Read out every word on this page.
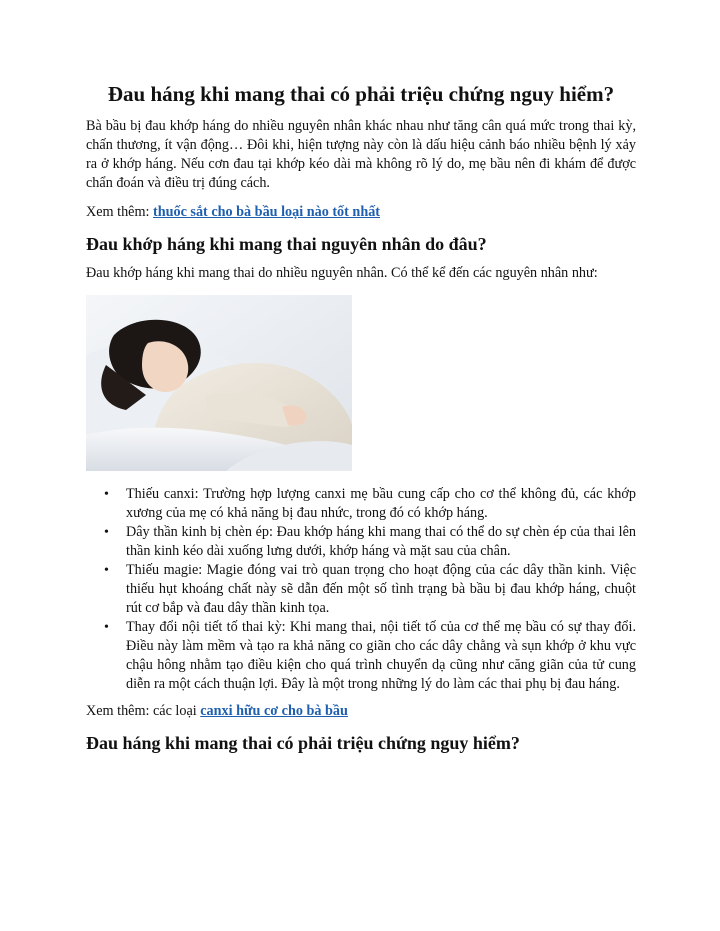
Đau háng khi mang thai có phải triệu chứng nguy hiểm?

Bà bầu bị đau khớp háng do nhiều nguyên nhân khác nhau như tăng cân quá mức trong thai kỳ, chấn thương, ít vận động… Đôi khi, hiện tượng này còn là dấu hiệu cảnh báo nhiều bệnh lý xảy ra ở khớp háng. Nếu cơn đau tại khớp kéo dài mà không rõ lý do, mẹ bầu nên đi khám để được chẩn đoán và điều trị đúng cách.

Xem thêm: thuốc sắt cho bà bầu loại nào tốt nhất

Đau khớp háng khi mang thai nguyên nhân do đâu?

Đau khớp háng khi mang thai do nhiều nguyên nhân. Có thể kể đến các nguyên nhân như:

• Thiếu canxi: Trường hợp lượng canxi mẹ bầu cung cấp cho cơ thể không đủ, các khớp xương của mẹ có khả năng bị đau nhức, trong đó có khớp háng.
• Dây thần kinh bị chèn ép: Đau khớp háng khi mang thai có thể do sự chèn ép của thai lên thần kinh kéo dài xuống lưng dưới, khớp háng và mặt sau của chân.
• Thiếu magie: Magie đóng vai trò quan trọng cho hoạt động của các dây thần kinh. Việc thiếu hụt khoáng chất này sẽ dẫn đến một số tình trạng bà bầu bị đau khớp háng, chuột rút cơ bắp và đau dây thần kinh tọa.
• Thay đổi nội tiết tố thai kỳ: Khi mang thai, nội tiết tố của cơ thể mẹ bầu có sự thay đổi. Điều này làm mềm và tạo ra khả năng co giãn cho các dây chằng và sụn khớp ở khu vực chậu hông nhằm tạo điều kiện cho quá trình chuyển dạ cũng như căng giãn của tử cung diễn ra một cách thuận lợi. Đây là một trong những lý do làm các thai phụ bị đau háng.

Xem thêm: các loại canxi hữu cơ cho bà bầu

Đau háng khi mang thai có phải triệu chứng nguy hiểm?
